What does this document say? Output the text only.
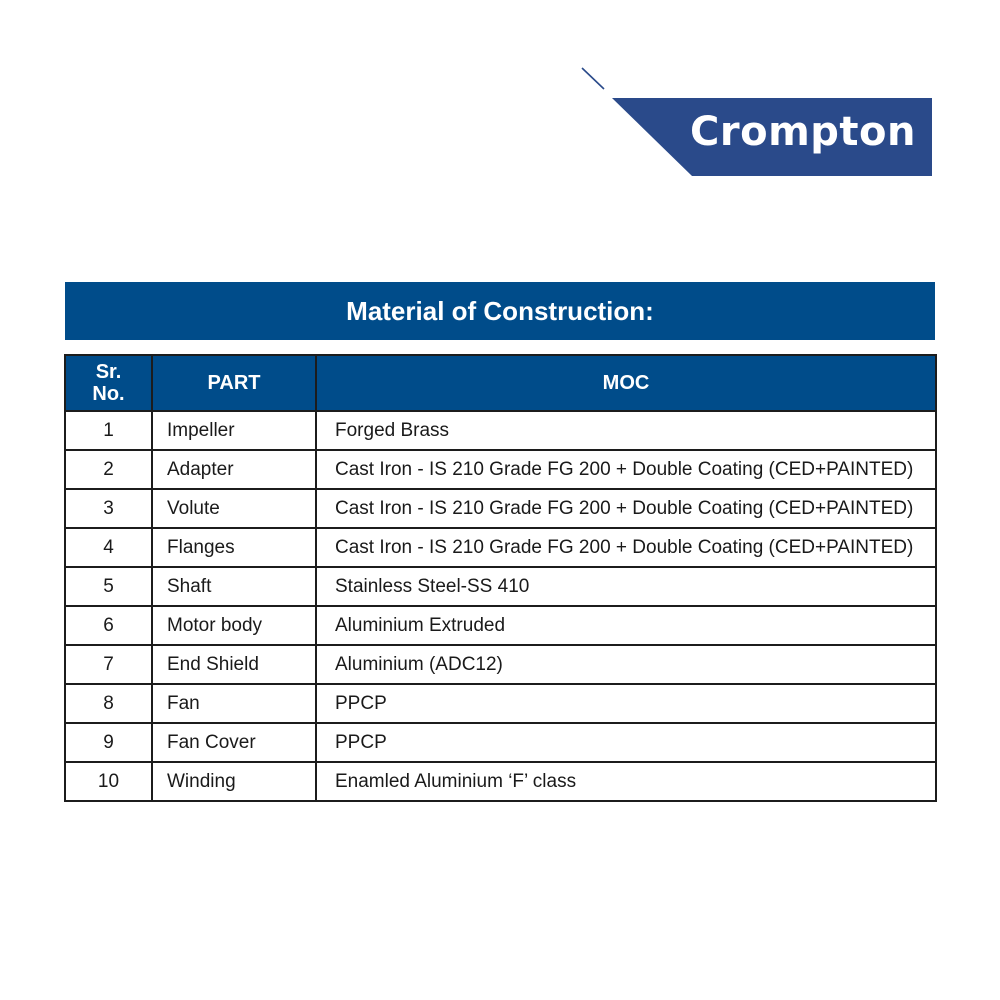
Crompton
Material of Construction:
Sr.
No.	PART	MOC
1	Impeller	Forged Brass
2	Adapter	Cast Iron - IS 210 Grade FG 200 + Double Coating (CED+PAINTED)
3	Volute	Cast Iron - IS 210 Grade FG 200 + Double Coating (CED+PAINTED)
4	Flanges	Cast Iron - IS 210 Grade FG 200 + Double Coating (CED+PAINTED)
5	Shaft	Stainless Steel-SS 410
6	Motor body	Aluminium Extruded
7	End Shield	Aluminium (ADC12)
8	Fan	PPCP
9	Fan Cover	PPCP
10	Winding	Enamled Aluminium ‘F’ class
